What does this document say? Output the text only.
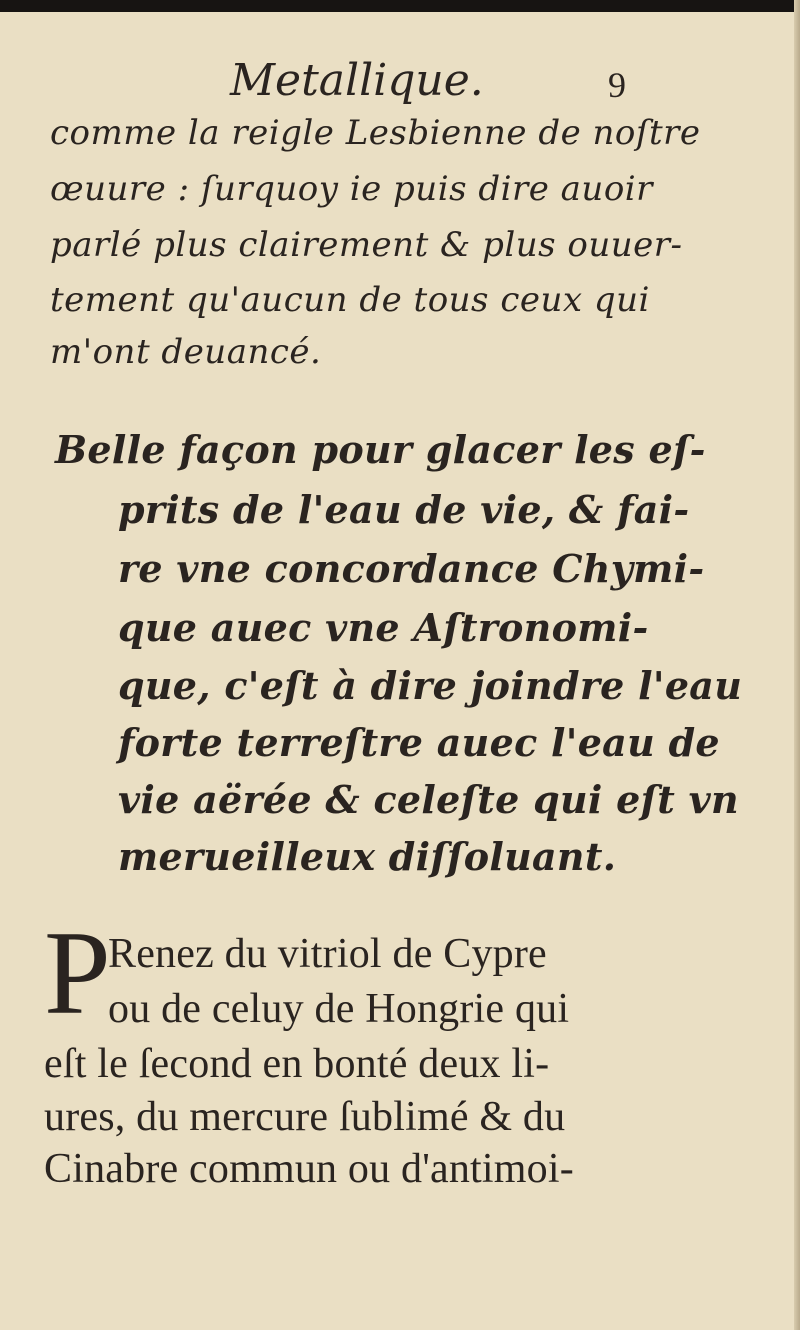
Metallique.	9
comme la reigle Lesbienne de noſtre
œuure : ſurquoy ie puis dire auoir
parlé plus clairement & plus ouuer-
tement qu'aucun de tous ceux qui
m'ont deuancé.
Belle façon pour glacer les eſ-
prits de l'eau de vie, & fai-
re vne concordance Chymi-
que auec vne Aſtronomi-
que, c'eſt à dire joindre l'eau
forte terreſtre auec l'eau de
vie aërée & celeſte qui eſt vn
merueilleux diſſoluant.
P
Renez du vitriol de Cypre
ou de celuy de Hongrie qui
eſt le ſecond en bonté deux li-
ures, du mercure ſublimé & du
Cinabre commun ou d'antimoi-
